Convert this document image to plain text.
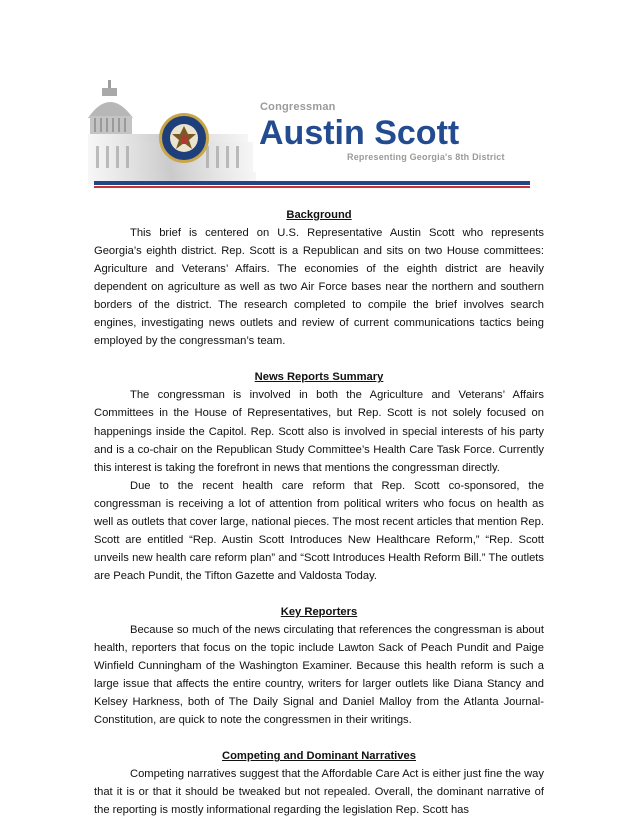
Congressman
Austin Scott
Representing Georgia's 8th District

Background

This brief is centered on U.S. Representative Austin Scott who represents Georgia’s eighth district. Rep. Scott is a Republican and sits on two House committees: Agriculture and Veterans’ Affairs. The economies of the eighth district are heavily dependent on agriculture as well as two Air Force bases near the northern and southern borders of the district. The research completed to compile the brief involves search engines, investigating news outlets and review of current communications tactics being employed by the congressman’s team.

News Reports Summary

The congressman is involved in both the Agriculture and Veterans’ Affairs Committees in the House of Representatives, but Rep. Scott is not solely focused on happenings inside the Capitol. Rep. Scott also is involved in special interests of his party and is a co-chair on the Republican Study Committee’s Health Care Task Force. Currently this interest is taking the forefront in news that mentions the congressman directly.

Due to the recent health care reform that Rep. Scott co-sponsored, the congressman is receiving a lot of attention from political writers who focus on health as well as outlets that cover large, national pieces. The most recent articles that mention Rep. Scott are entitled “Rep. Austin Scott Introduces New Healthcare Reform,” “Rep. Scott unveils new health care reform plan” and “Scott Introduces Health Reform Bill.” The outlets are Peach Pundit, the Tifton Gazette and Valdosta Today.

Key Reporters

Because so much of the news circulating that references the congressman is about health, reporters that focus on the topic include Lawton Sack of Peach Pundit and Paige Winfield Cunningham of the Washington Examiner. Because this health reform is such a large issue that affects the entire country, writers for larger outlets like Diana Stancy and Kelsey Harkness, both of The Daily Signal and Daniel Malloy from the Atlanta Journal-Constitution, are quick to note the congressmen in their writings.

Competing and Dominant Narratives

Competing narratives suggest that the Affordable Care Act is either just fine the way that it is or that it should be tweaked but not repealed. Overall, the dominant narrative of the reporting is mostly informational regarding the legislation Rep. Scott has
